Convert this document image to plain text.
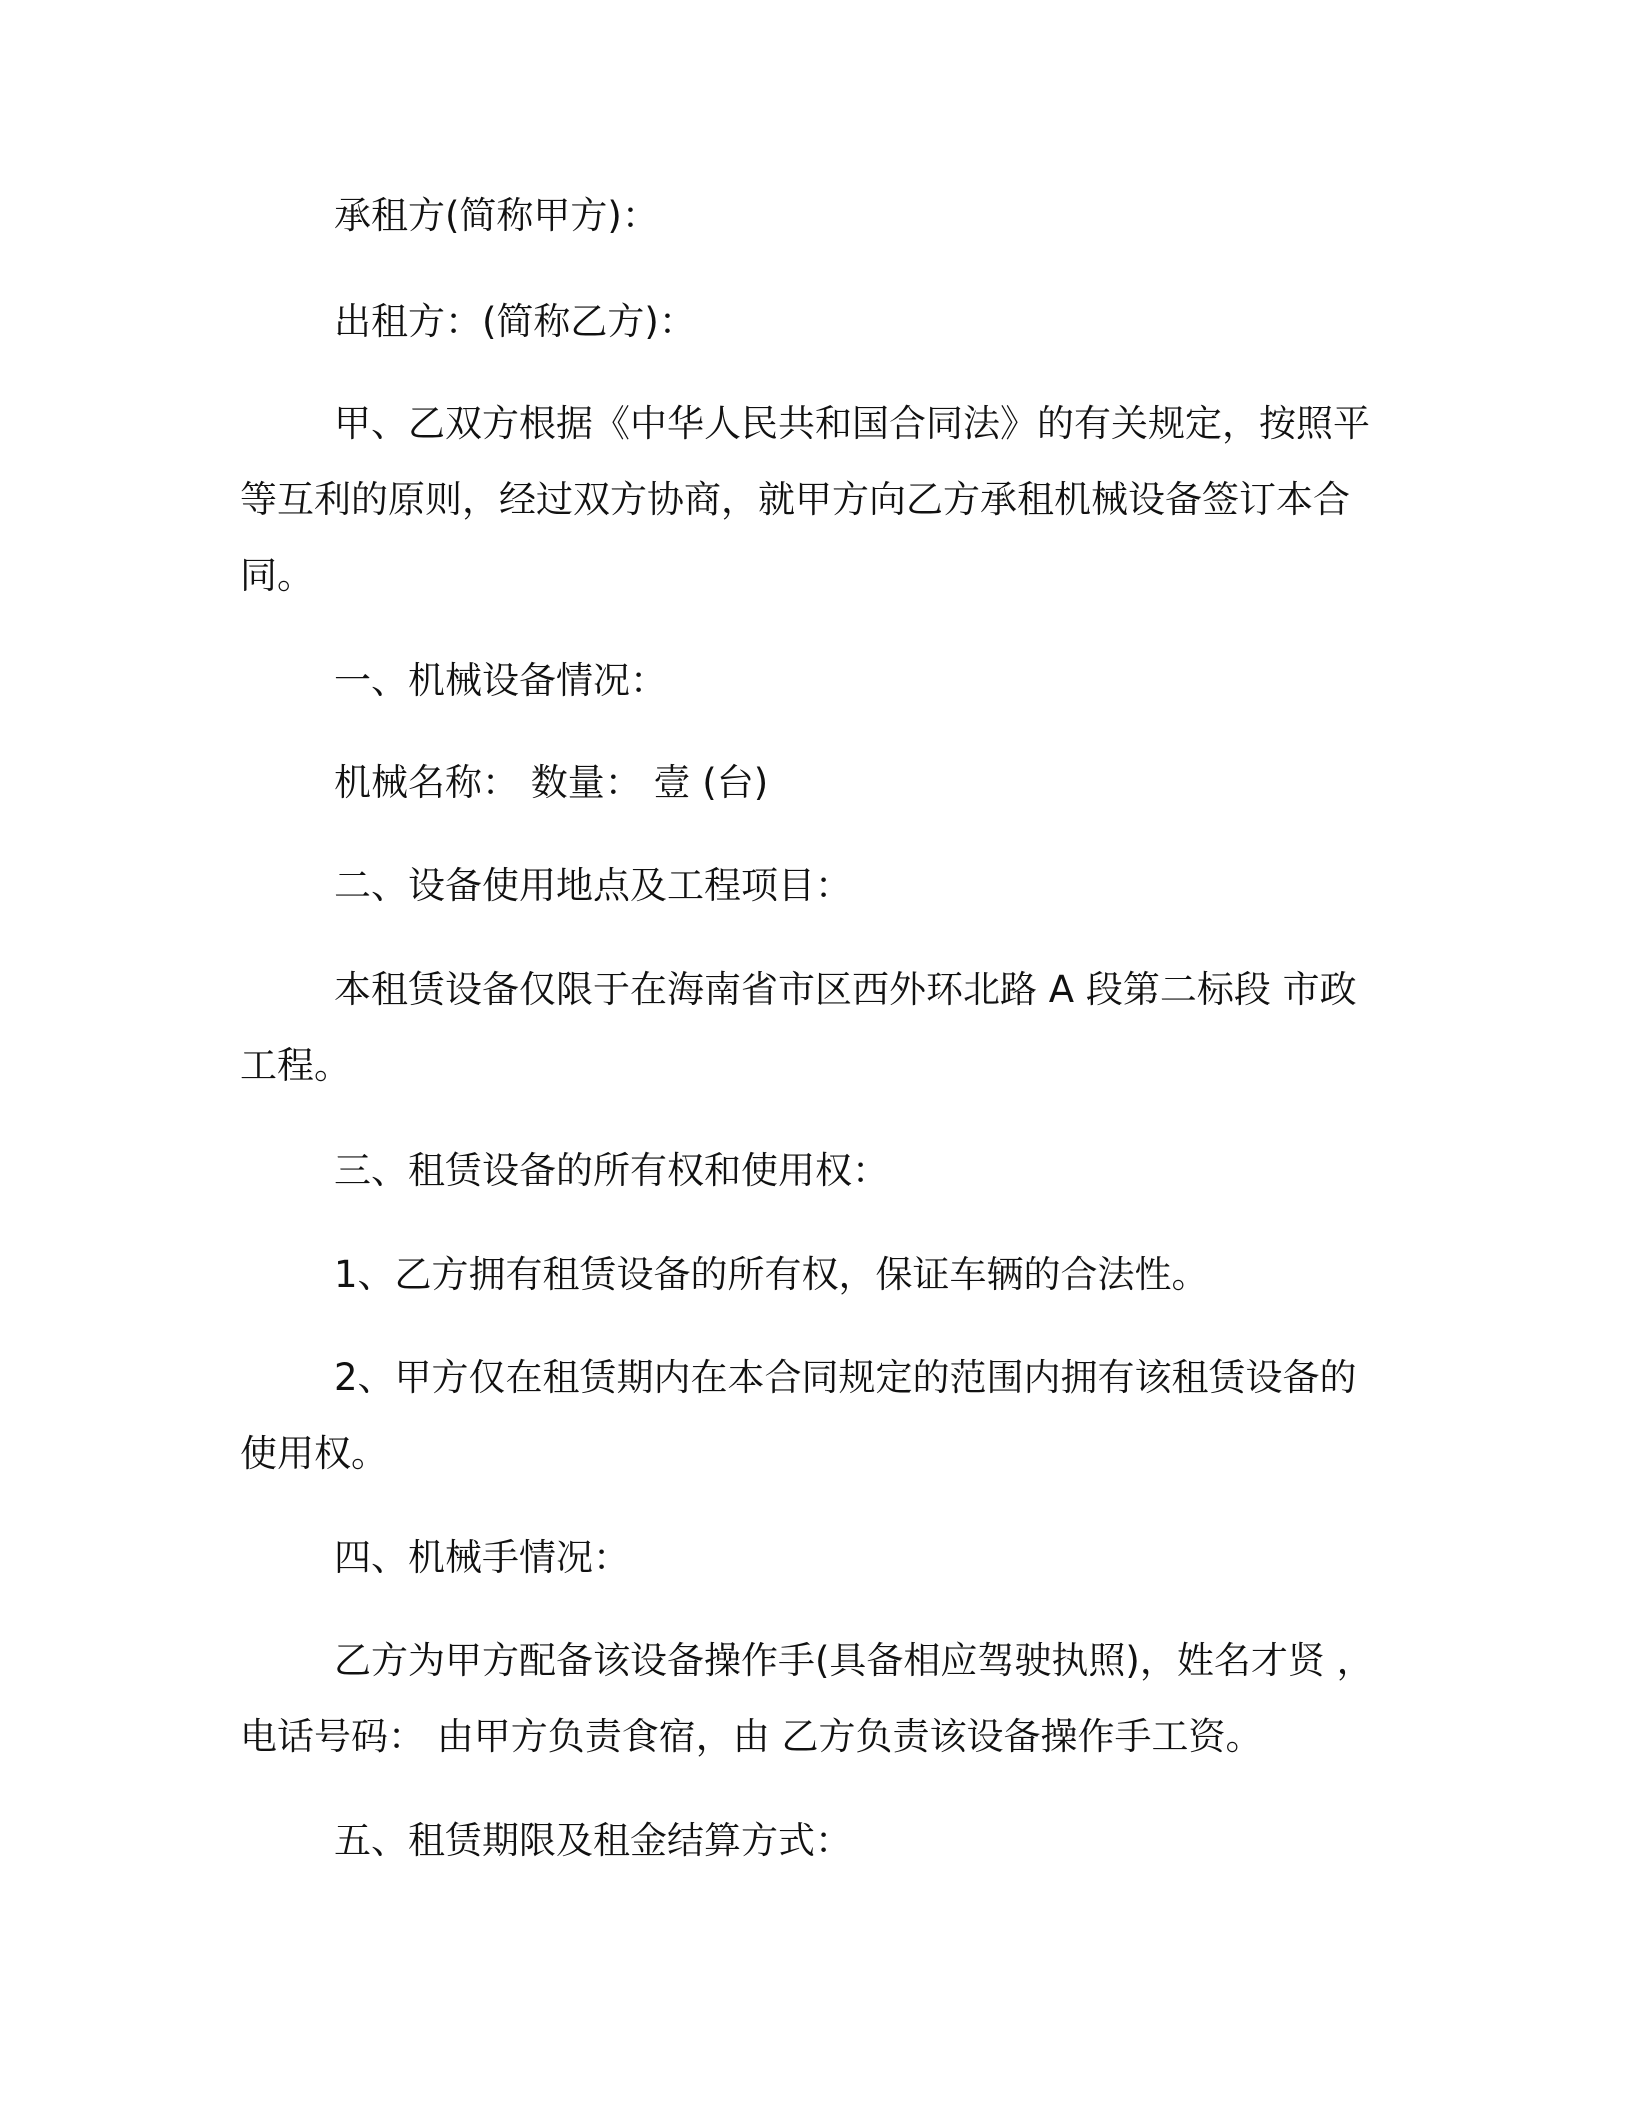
承租方(简称甲方)：

出租方：(简称乙方)：

甲、乙双方根据《中华人民共和国合同法》的有关规定，按照平

等互利的原则，经过双方协商，就甲方向乙方承租机械设备签订本合

同。

一、机械设备情况：

机械名称： 数量： 壹 (台)

二、设备使用地点及工程项目：

本租赁设备仅限于在海南省市区西外环北路 A 段第二标段 市政

工程。

三、租赁设备的所有权和使用权：

1、乙方拥有租赁设备的所有权，保证车辆的合法性。

2、甲方仅在租赁期内在本合同规定的范围内拥有该租赁设备的

使用权。

四、机械手情况：

乙方为甲方配备该设备操作手(具备相应驾驶执照)，姓名才贤 ，

电话号码： 由甲方负责食宿，由 乙方负责该设备操作手工资。

五、租赁期限及租金结算方式：
